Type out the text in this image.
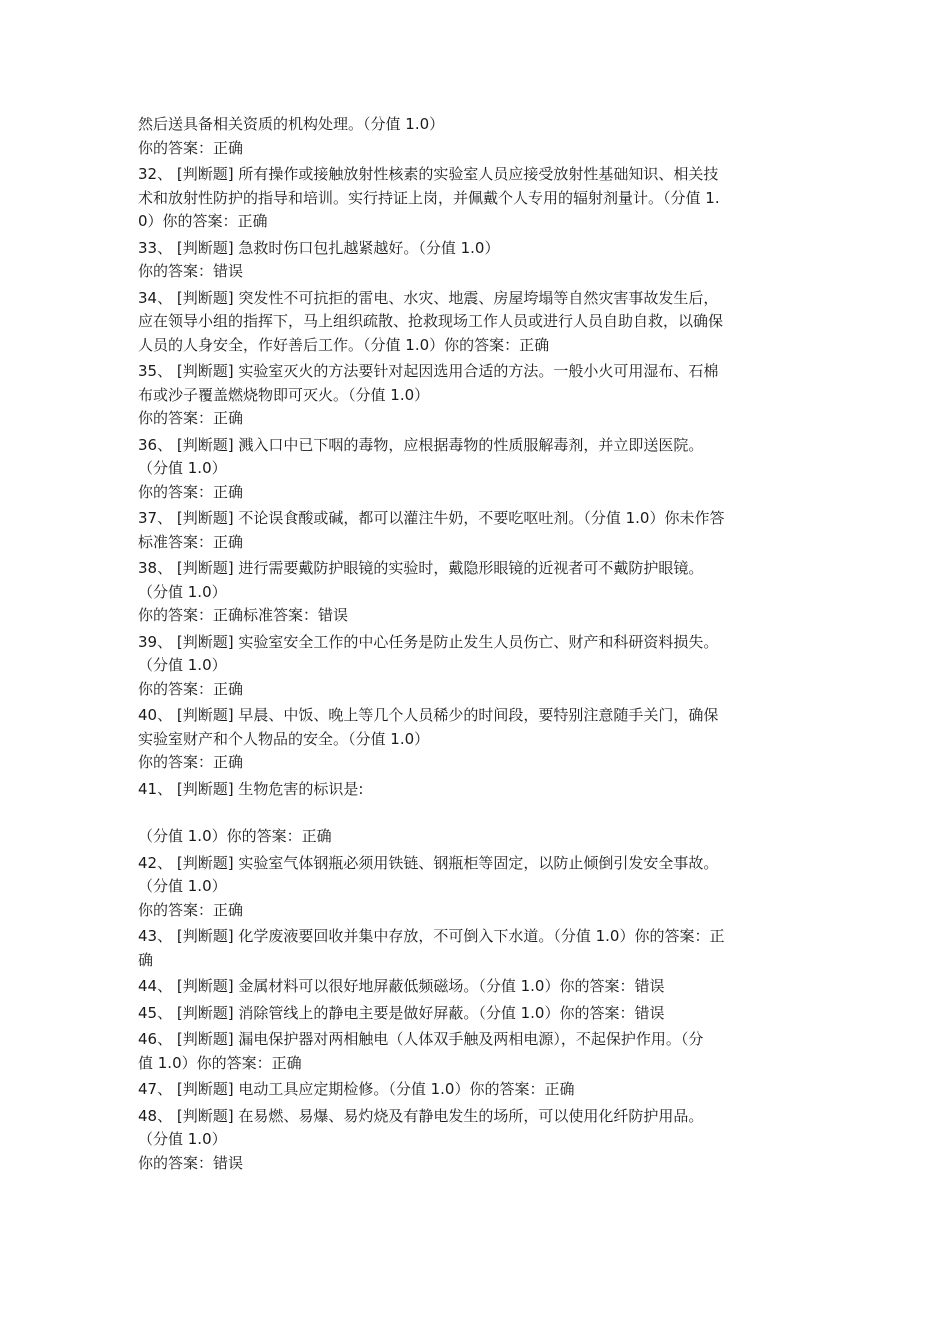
然后送具备相关资质的机构处理。（分值 1.0）
你的答案：正确
32、 [判断题] 所有操作或接触放射性核素的实验室人员应接受放射性基础知识、相关技
术和放射性防护的指导和培训。实行持证上岗，并佩戴个人专用的辐射剂量计。（分值 1.
0）你的答案：正确
33、 [判断题] 急救时伤口包扎越紧越好。（分值 1.0）
你的答案：错误
34、 [判断题] 突发性不可抗拒的雷电、水灾、地震、房屋垮塌等自然灾害事故发生后，
应在领导小组的指挥下，马上组织疏散、抢救现场工作人员或进行人员自助自救，以确保
人员的人身安全，作好善后工作。（分值 1.0）你的答案：正确
35、 [判断题] 实验室灭火的方法要针对起因选用合适的方法。一般小火可用湿布、石棉
布或沙子覆盖燃烧物即可灭火。（分值 1.0）
你的答案：正确
36、 [判断题] 溅入口中已下咽的毒物，应根据毒物的性质服解毒剂，并立即送医院。
（分值 1.0）
你的答案：正确
37、 [判断题] 不论误食酸或碱，都可以灌注牛奶，不要吃呕吐剂。（分值 1.0）你未作答
标准答案：正确
38、 [判断题] 进行需要戴防护眼镜的实验时，戴隐形眼镜的近视者可不戴防护眼镜。
（分值 1.0）
你的答案：正确标准答案：错误
39、 [判断题] 实验室安全工作的中心任务是防止发生人员伤亡、财产和科研资料损失。
（分值 1.0）
你的答案：正确
40、 [判断题] 早晨、中饭、晚上等几个人员稀少的时间段，要特别注意随手关门，确保
实验室财产和个人物品的安全。（分值 1.0）
你的答案：正确
41、 [判断题] 生物危害的标识是:
（分值 1.0）你的答案：正确
42、 [判断题] 实验室气体钢瓶必须用铁链、钢瓶柜等固定，以防止倾倒引发安全事故。
（分值 1.0）
你的答案：正确
43、 [判断题] 化学废液要回收并集中存放，不可倒入下水道。（分值 1.0）你的答案：正
确
44、 [判断题] 金属材料可以很好地屏蔽低频磁场。（分值 1.0）你的答案：错误
45、 [判断题] 消除管线上的静电主要是做好屏蔽。（分值 1.0）你的答案：错误
46、 [判断题] 漏电保护器对两相触电（人体双手触及两相电源），不起保护作用。（分
值 1.0）你的答案：正确
47、 [判断题] 电动工具应定期检修。（分值 1.0）你的答案：正确
48、 [判断题] 在易燃、易爆、易灼烧及有静电发生的场所，可以使用化纤防护用品。
（分值 1.0）
你的答案：错误
